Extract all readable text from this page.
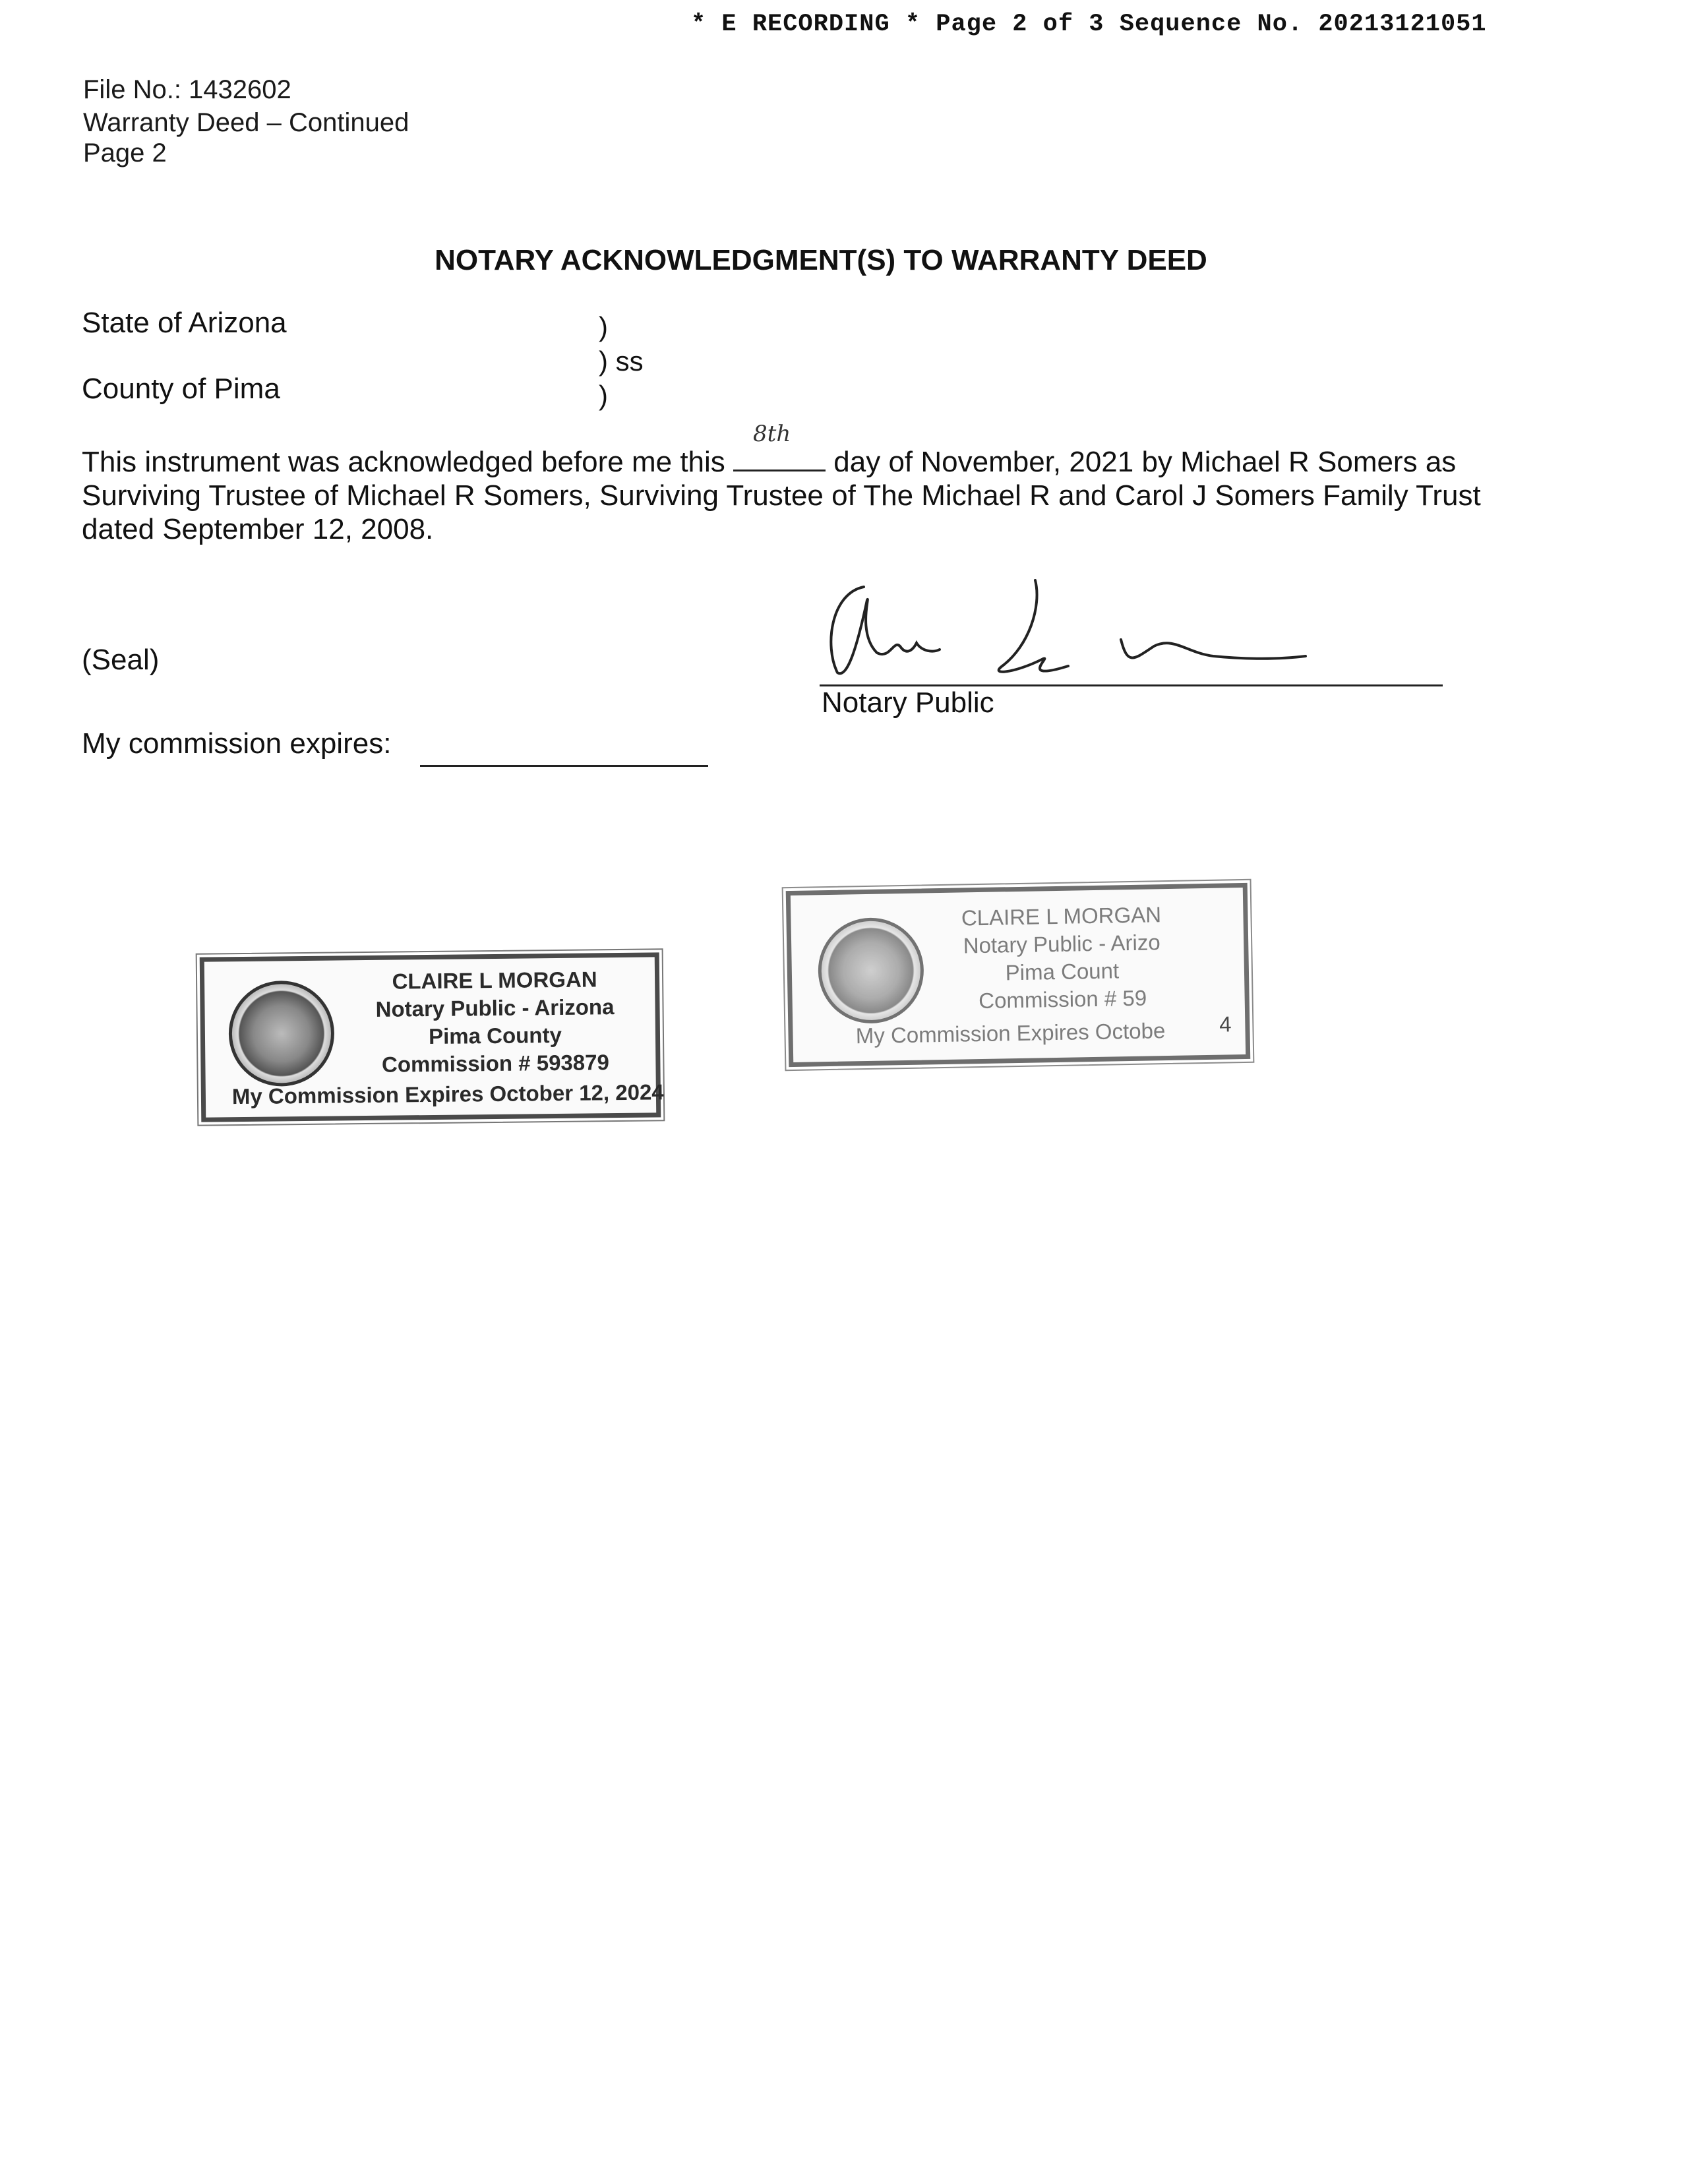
* E RECORDING * Page 2 of 3 Sequence No. 20213121051
File No.: 1432602
Warranty Deed – Continued
Page 2
NOTARY ACKNOWLEDGMENT(S) TO WARRANTY DEED
State of Arizona
County of Pima
)
) ss
)
This instrument was acknowledged before me this
8th
day of November, 2021 by Michael R Somers as
Surviving Trustee of Michael R Somers, Surviving Trustee of The Michael R and Carol J Somers Family Trust
dated September 12, 2008.
(Seal)
Notary Public
My commission expires:
CLAIRE L MORGAN
Notary Public - Arizona
Pima County
Commission # 593879
My Commission Expires October 12, 2024
CLAIRE L MORGAN
Notary Public - Arizo
Pima Count
Commission # 59
My Commission Expires Octobe	4
